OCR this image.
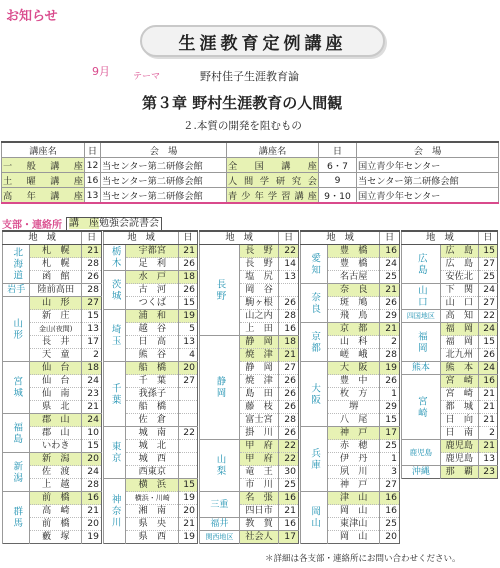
お知らせ
生涯教育定例講座
9月	テーマ	野村佳子生涯教育論
第３章 野村生涯教育の人間観
２.本質の開発を阻むもの
講座名	日	会　場	講座名	日	会　場
一般講座	12	当センター第二研修会館	全国講座	6・7	国立青少年センター
土曜講座	16	当センター第二研修会館	人間学研究会	9	当センター第二研修会館
高年講座	13	当センター第二研修会館	青少年学習講座	9・10	国立青少年センター
支部・連絡所 講　座勉強会読書会
地　域		日
北海道	札　幌	21
	札　幌	28
	函　館	26
岩手	陸前高田	28
山形	山　形	27
	新　庄	15
	金山(夜間)	13
	長　井	17
	天　童	2
宮城	仙　台	18
	仙　台	24
	仙　南	23
	県　北	21
福島	郡　山	24
	郡　山	10
	いわき	15
新潟	新　潟	20
	佐　渡	24
	上　越	28
群馬	前　橋	16
	高　崎	21
	前　橋	20
	藪　塚	19
地　域		日
栃木	宇都宮	21
	足　利	26
茨城	水　戸	18
	古　河	26
	つくば	15
埼玉	浦　和	19
	越　谷	5
	日　高	13
	熊　谷	4
千葉	船　橋	20
	千　葉	27
	我孫子	
	船　橋	
	佐　倉	
東京	城　南	22
	城　北	
	城　西	
	西東京	
神奈川	横　浜	15
	横浜・川崎	19
	湘　南	20
	県　央	21
	県　西	19
地　域		日
長野	長　野	22
	長　野	14
	塩　尻	13
	岡　谷	
	駒ヶ根	26
	山之内	28
	上　田	16
静岡	静　岡	18
	焼　津	21
	静　岡	27
	焼　津	26
	島　田	26
	藤　枝	26
	富士宮	28
	掛　川	26
山梨	甲　府	22
	甲　府	22
	竜　王	30
	市　川	25
三重	名　張	16
	四日市	21
福井	教　賀	16
関西地区	社会人	17
地　域		日
愛知	豊　橋	16
	豊　橋	24
	名古屋	25
奈良	奈　良	21
	斑　鳩	26
	飛　鳥	29
京都	京　都	21
	山　科	2
	嵯　峨	28
大阪	大　阪	19
	豊　中	26
	枚　方	1
	堺	29
	八　尾	15
兵庫	神　戸	17
	赤　穂	25
	伊　丹	1
	夙　川	3
	神　戸	27
岡山	津　山	16
	岡　山	16
	東津山	25
	岡　山	20
地　域		日
広島	広　島	15
	広　島	27
	安佐北	25
山口	下　関	24
	山　口	27
四国地区	高　知	22
福岡	福　岡	24
	福　岡	15
	北九州	26
熊本	熊　本	24
宮崎	宮　崎	16
	宮　崎	21
	都　城	21
	日　向	21
	日　南	2
鹿児島	鹿児島	21
	鹿児島	13
沖縄	那　覇	23
＊詳細は各支部・連絡所にお問い合わせください。
